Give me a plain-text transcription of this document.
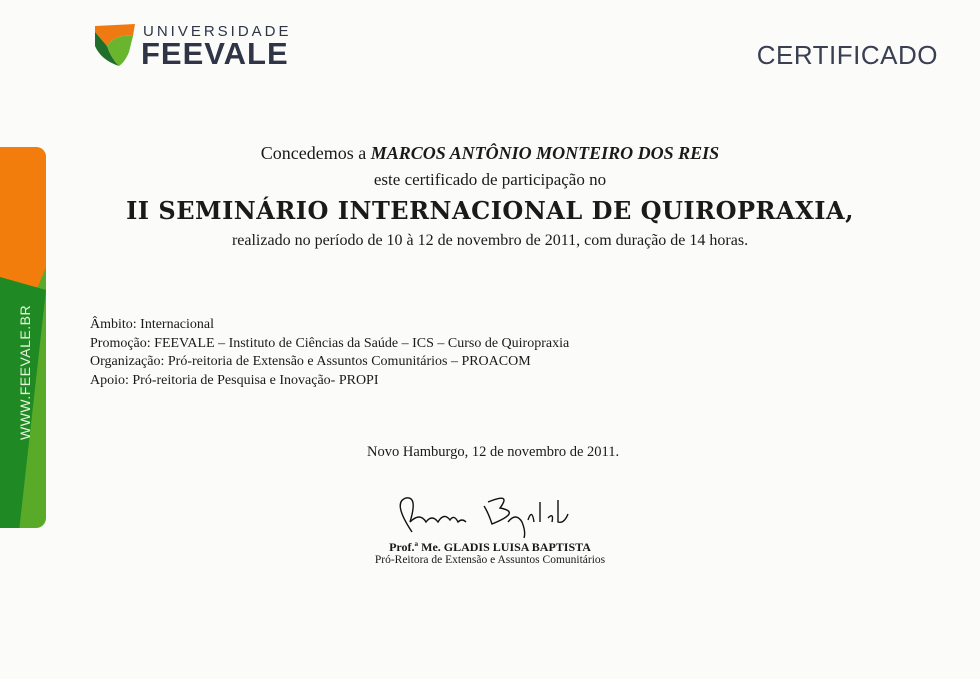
UNIVERSIDADE
FEEVALE	CERTIFICADO
WWW.FEEVALE.BR
Concedemos a MARCOS ANTÔNIO MONTEIRO DOS REIS
este certificado de participação no
II SEMINÁRIO INTERNACIONAL DE QUIROPRAXIA,
realizado no período de 10 à 12 de novembro de 2011, com duração de 14 horas.
Âmbito: Internacional
Promoção: FEEVALE – Instituto de Ciências da Saúde – ICS – Curso de Quiropraxia
Organização: Pró-reitoria de Extensão e Assuntos Comunitários – PROACOM
Apoio: Pró-reitoria de Pesquisa e Inovação- PROPI
Novo Hamburgo, 12 de novembro de 2011.
Prof.ª Me. GLADIS LUISA BAPTISTA
Pró-Reitora de Extensão e Assuntos Comunitários
